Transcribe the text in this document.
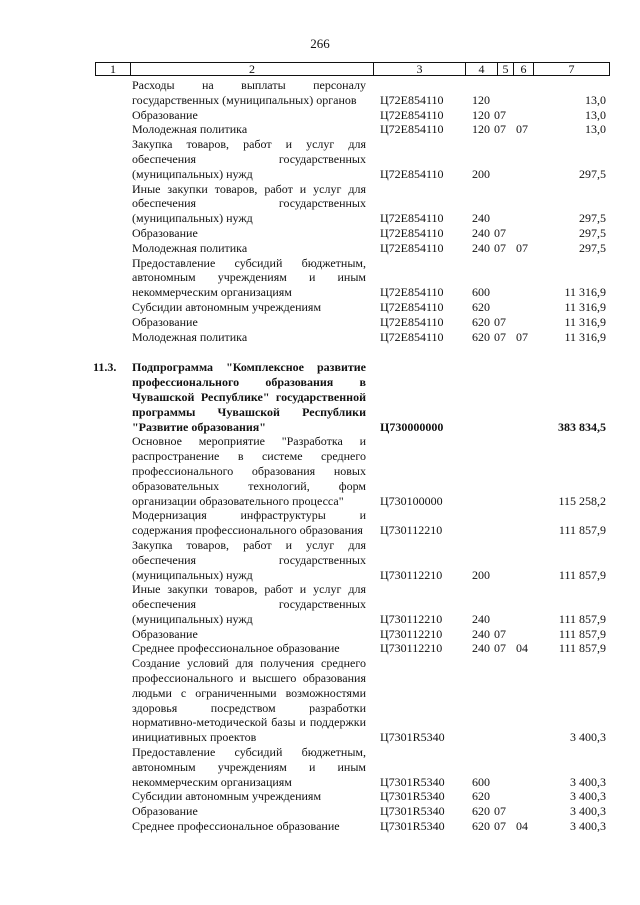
266
1	2	3	4	5	6	7
	Расходы на выплаты персоналу государственных (муниципальных) органов	Ц72Е854110	120			13,0
	Образование	Ц72Е854110	120	07		13,0
	Молодежная политика	Ц72Е854110	120	07	07	13,0
	Закупка товаров, работ и услуг для обеспечения государственных (муниципальных) нужд	Ц72Е854110	200			297,5
	Иные закупки товаров, работ и услуг для обеспечения государственных (муниципальных) нужд	Ц72Е854110	240			297,5
	Образование	Ц72Е854110	240	07		297,5
	Молодежная политика	Ц72Е854110	240	07	07	297,5
	Предоставление субсидий бюджетным, автономным учреждениям и иным некоммерческим организациям	Ц72Е854110	600			11 316,9
	Субсидии автономным учреждениям	Ц72Е854110	620			11 316,9
	Образование	Ц72Е854110	620	07		11 316,9
	Молодежная политика	Ц72Е854110	620	07	07	11 316,9

11.3.	Подпрограмма "Комплексное развитие профессионального образования в Чувашской Республике" государственной программы Чувашской Республики "Развитие образования"	Ц730000000				383 834,5
	Основное мероприятие "Разработка и распространение в системе среднего профессионального образования новых образовательных технологий, форм организации образовательного процесса"	Ц730100000				115 258,2
	Модернизация инфраструктуры и содержания профессионального образования	Ц730112210				111 857,9
	Закупка товаров, работ и услуг для обеспечения государственных (муниципальных) нужд	Ц730112210	200			111 857,9
	Иные закупки товаров, работ и услуг для обеспечения государственных (муниципальных) нужд	Ц730112210	240			111 857,9
	Образование	Ц730112210	240	07		111 857,9
	Среднее профессиональное образование	Ц730112210	240	07	04	111 857,9
	Создание условий для получения среднего профессионального и высшего образования людьми с ограниченными возможностями здоровья посредством разработки нормативно-методической базы и поддержки инициативных проектов	Ц7301R5340				3 400,3
	Предоставление субсидий бюджетным, автономным учреждениям и иным некоммерческим организациям	Ц7301R5340	600			3 400,3
	Субсидии автономным учреждениям	Ц7301R5340	620			3 400,3
	Образование	Ц7301R5340	620	07		3 400,3
	Среднее профессиональное образование	Ц7301R5340	620	07	04	3 400,3
